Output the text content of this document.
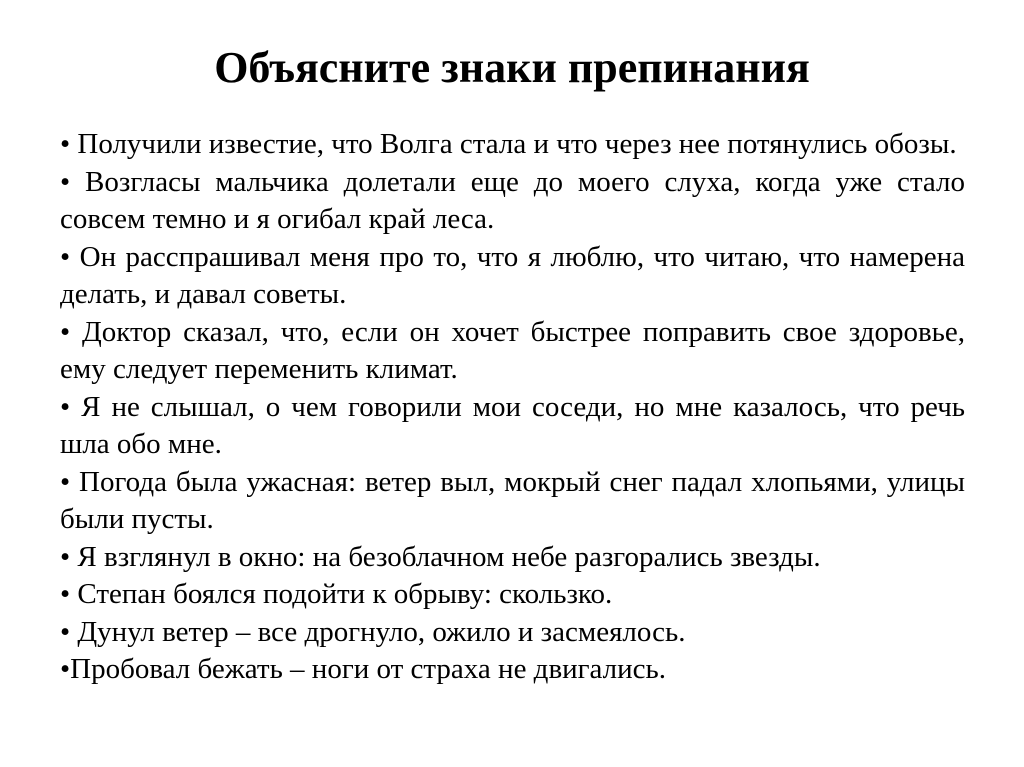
Объясните знаки препинания
• Получили известие, что Волга стала и что через нее потянулись обозы.
• Возгласы мальчика долетали еще до моего слуха, когда уже стало совсем темно и я огибал край леса.
• Он расспрашивал меня про то, что я люблю, что читаю, что намерена делать, и давал советы.
• Доктор сказал, что, если он хочет быстрее поправить свое здоровье, ему следует переменить климат.
• Я не слышал, о чем говорили мои соседи, но мне казалось, что речь шла обо мне.
• Погода была ужасная: ветер выл, мокрый снег падал хлопьями, улицы были пусты.
• Я взглянул в окно: на безоблачном небе разгорались звезды.
• Степан боялся подойти к обрыву: скользко.
• Дунул ветер – все дрогнуло, ожило и засмеялось.
•Пробовал бежать – ноги от страха не двигались.
